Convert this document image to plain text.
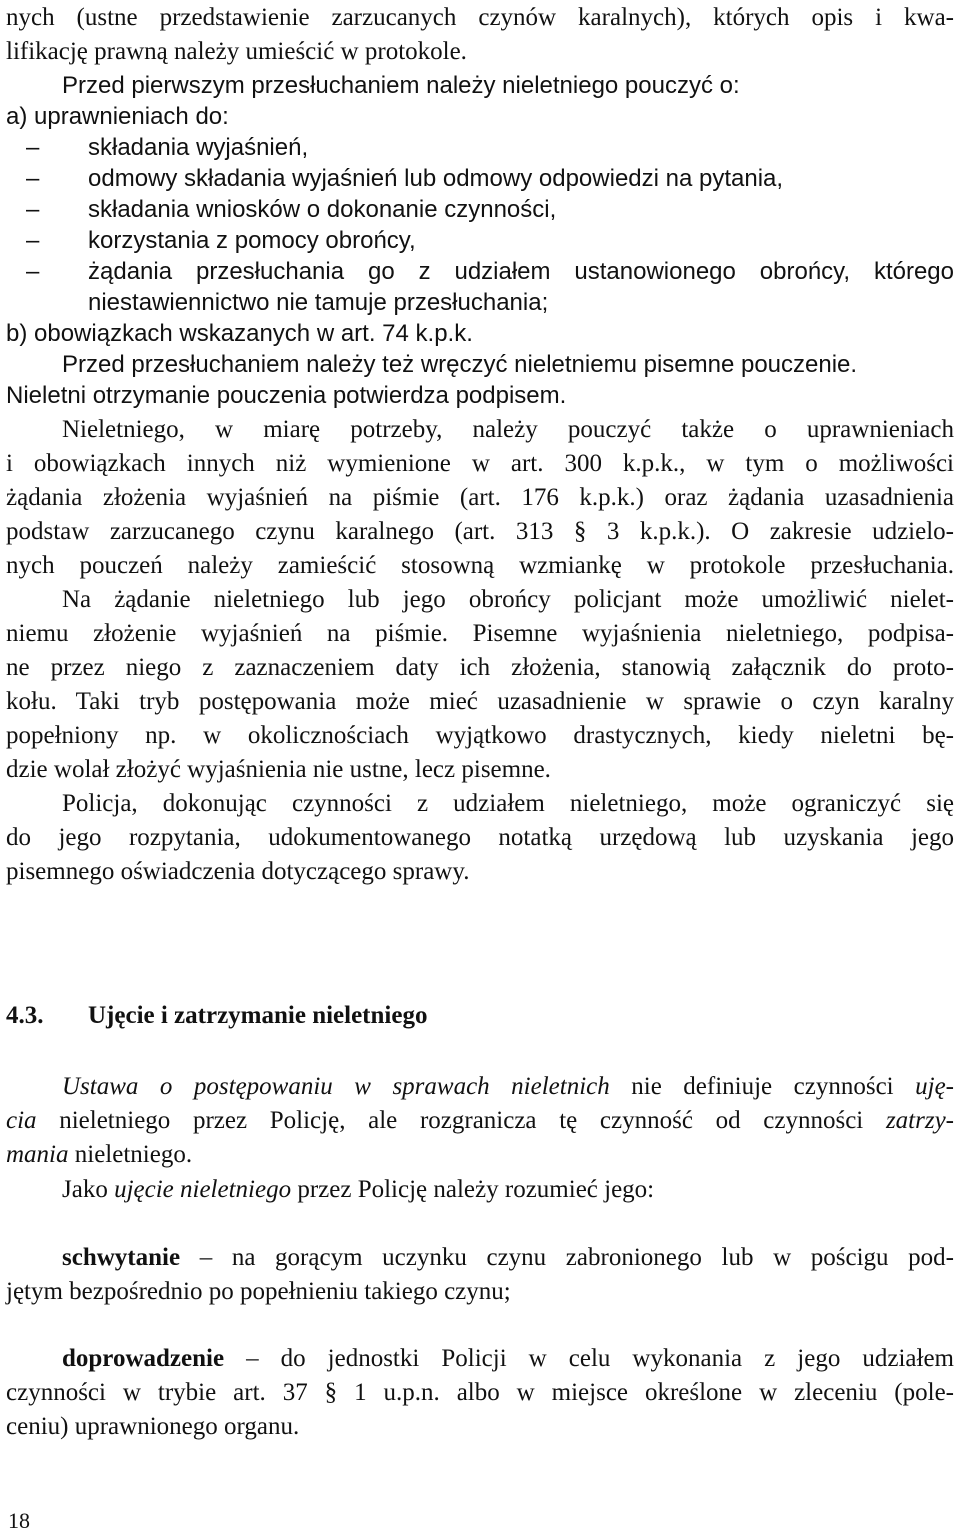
nych (ustne przedstawienie zarzucanych czynów karalnych), których opis i kwa-
lifikację prawną należy umieścić w protokole.
Przed pierwszym przesłuchaniem należy nieletniego pouczyć o:
a) uprawnieniach do:
–	składania wyjaśnień,
–	odmowy składania wyjaśnień lub odmowy odpowiedzi na pytania,
–	składania wniosków o dokonanie czynności,
–	korzystania z pomocy obrońcy,
–	żądania przesłuchania go z udziałem ustanowionego obrońcy, którego
niestawiennictwo nie tamuje przesłuchania;
b) obowiązkach wskazanych w art. 74 k.p.k.
Przed przesłuchaniem należy też wręczyć nieletniemu pisemne pouczenie.
Nieletni otrzymanie pouczenia potwierdza podpisem.
Nieletniego, w miarę potrzeby, należy pouczyć także o uprawnieniach
i obowiązkach innych niż wymienione w art. 300 k.p.k., w tym o możliwości
żądania złożenia wyjaśnień na piśmie (art. 176 k.p.k.) oraz żądania uzasadnienia
podstaw zarzucanego czynu karalnego (art. 313 § 3 k.p.k.). O zakresie udzielo-
nych pouczeń należy zamieścić stosowną wzmiankę w protokole przesłuchania.
Na żądanie nieletniego lub jego obrońcy policjant może umożliwić nielet-
niemu złożenie wyjaśnień na piśmie. Pisemne wyjaśnienia nieletniego, podpisa-
ne przez niego z zaznaczeniem daty ich złożenia, stanowią załącznik do proto-
kołu. Taki tryb postępowania może mieć uzasadnienie w sprawie o czyn karalny
popełniony np. w okolicznościach wyjątkowo drastycznych, kiedy nieletni bę-
dzie wolał złożyć wyjaśnienia nie ustne, lecz pisemne.
Policja, dokonując czynności z udziałem nieletniego, może ograniczyć się
do jego rozpytania, udokumentowanego notatką urzędową lub uzyskania jego
pisemnego oświadczenia dotyczącego sprawy.
4.3. Ujęcie i zatrzymanie nieletniego
Ustawa o postępowaniu w sprawach nieletnich nie definiuje czynności uję-
cia nieletniego przez Policję, ale rozgranicza tę czynność od czynności zatrzy-
mania nieletniego.
Jako ujęcie nieletniego przez Policję należy rozumieć jego:
schwytanie – na gorącym uczynku czynu zabronionego lub w pościgu pod-
jętym bezpośrednio po popełnieniu takiego czynu;
doprowadzenie – do jednostki Policji w celu wykonania z jego udziałem
czynności w trybie art. 37 § 1 u.p.n. albo w miejsce określone w zleceniu (pole-
ceniu) uprawnionego organu.
18
